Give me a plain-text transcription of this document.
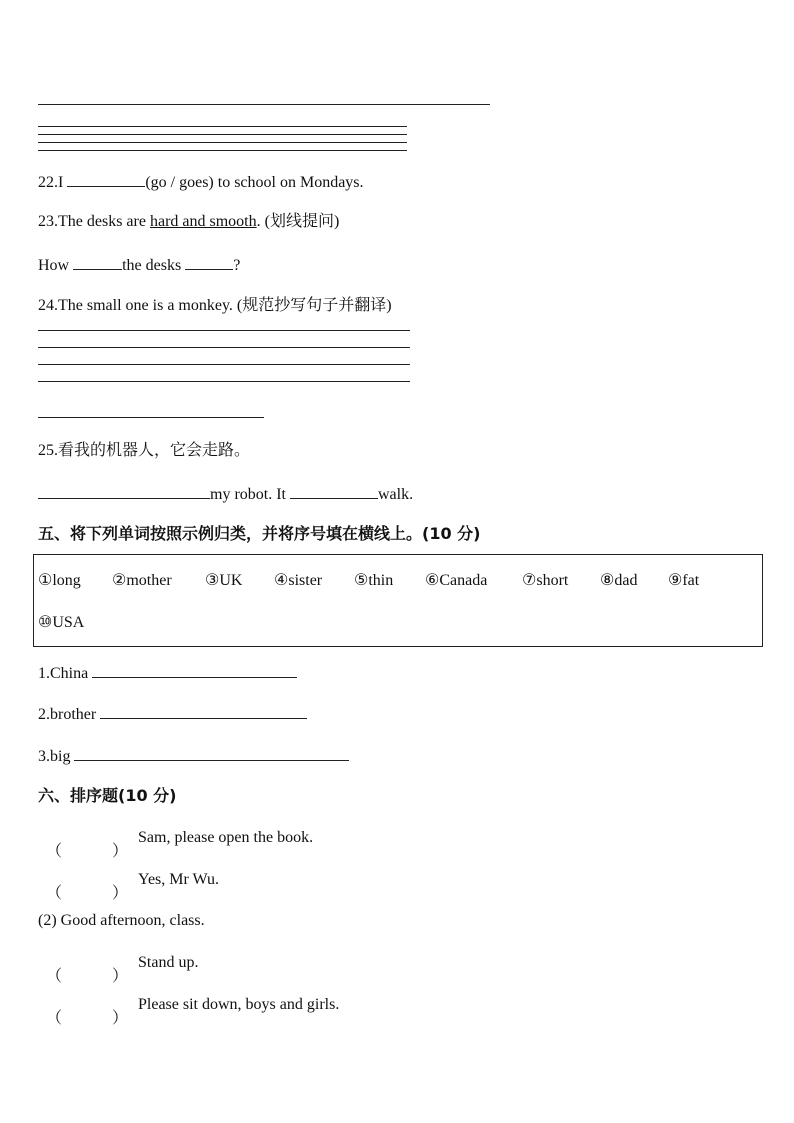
22.I	(go / goes) to school on Mondays.
23.The desks are hard and smooth. (划线提问)
How	the desks	?
24.The small one is a monkey. (规范抄写句子并翻译)
25.看我的机器人，它会走路。
my robot. It	walk.
五、将下列单词按照示例归类，并将序号填在横线上。(10 分)
①long ②mother ③UK ④sister ⑤thin ⑥Canada ⑦short ⑧dad ⑨fat
⑩USA
1.China
2.brother
3.big
六、排序题(10 分)
（	）
Sam, please open the book.
（	）
Yes, Mr Wu.
(2) Good afternoon, class.
（	）
Stand up.
（	）
Please sit down, boys and girls.
